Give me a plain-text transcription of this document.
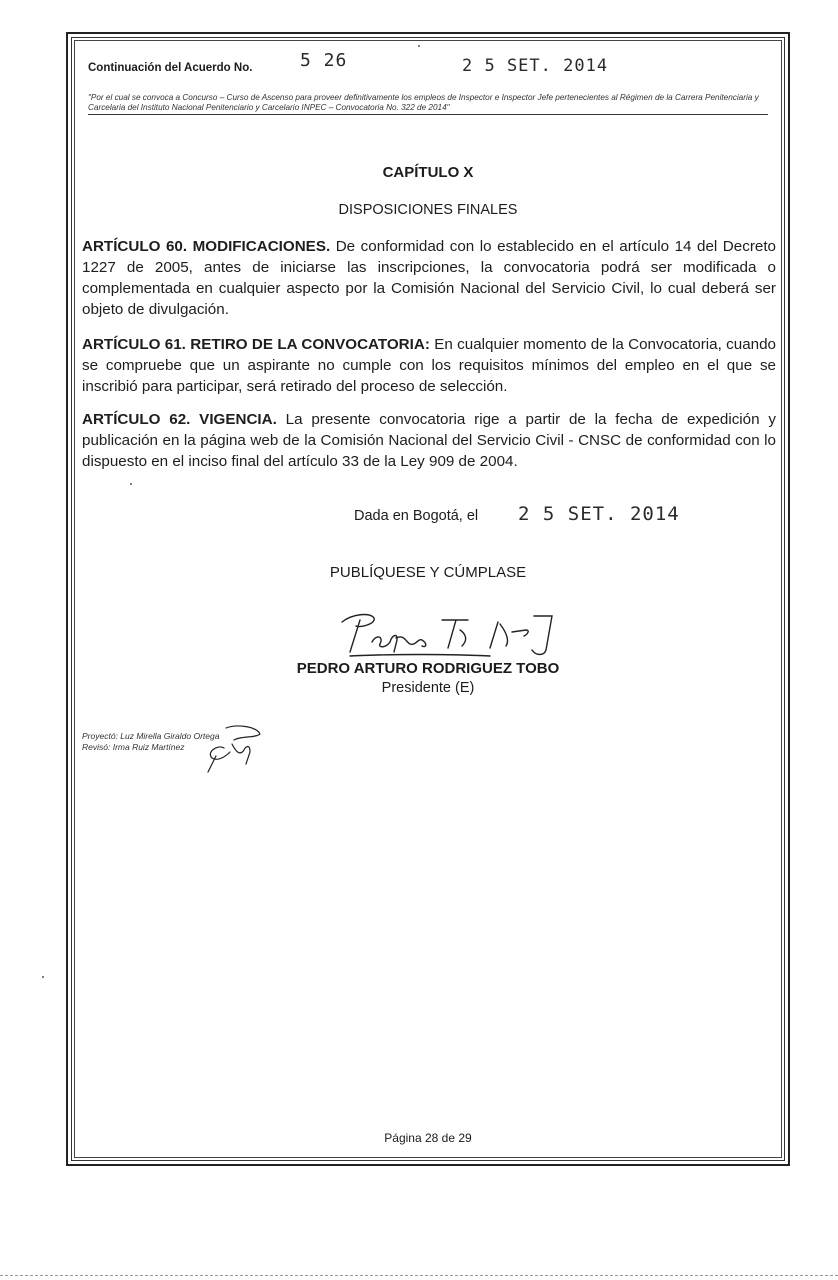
Continuación del Acuerdo No.	5 26	2 5 SET. 2014
"Por el cual se convoca a Concurso – Curso de Ascenso para proveer definitivamente los empleos de Inspector e Inspector Jefe pertenecientes al Régimen de la Carrera Penitenciaria y Carcelaria del Instituto Nacional Penitenciario y Carcelario INPEC – Convocatoria No. 322 de 2014"
CAPÍTULO X
DISPOSICIONES FINALES
ARTÍCULO 60. MODIFICACIONES. De conformidad con lo establecido en el artículo 14 del Decreto 1227 de 2005, antes de iniciarse las inscripciones, la convocatoria podrá ser modificada o complementada en cualquier aspecto por la Comisión Nacional del Servicio Civil, lo cual deberá ser objeto de divulgación.
ARTÍCULO 61. RETIRO DE LA CONVOCATORIA: En cualquier momento de la Convocatoria, cuando se compruebe que un aspirante no cumple con los requisitos mínimos del empleo en el que se inscribió para participar, será retirado del proceso de selección.
ARTÍCULO 62. VIGENCIA. La presente convocatoria rige a partir de la fecha de expedición y publicación en la página web de la Comisión Nacional del Servicio Civil - CNSC de conformidad con lo dispuesto en el inciso final del artículo 33 de la Ley 909 de 2004.
Dada en Bogotá, el 2 5 SET. 2014
PUBLÍQUESE Y CÚMPLASE
PEDRO ARTURO RODRIGUEZ TOBO
Presidente (E)
Proyectó: Luz Mirella Giraldo Ortega
Revisó: Irma Ruiz Martínez
Página 28 de 29
